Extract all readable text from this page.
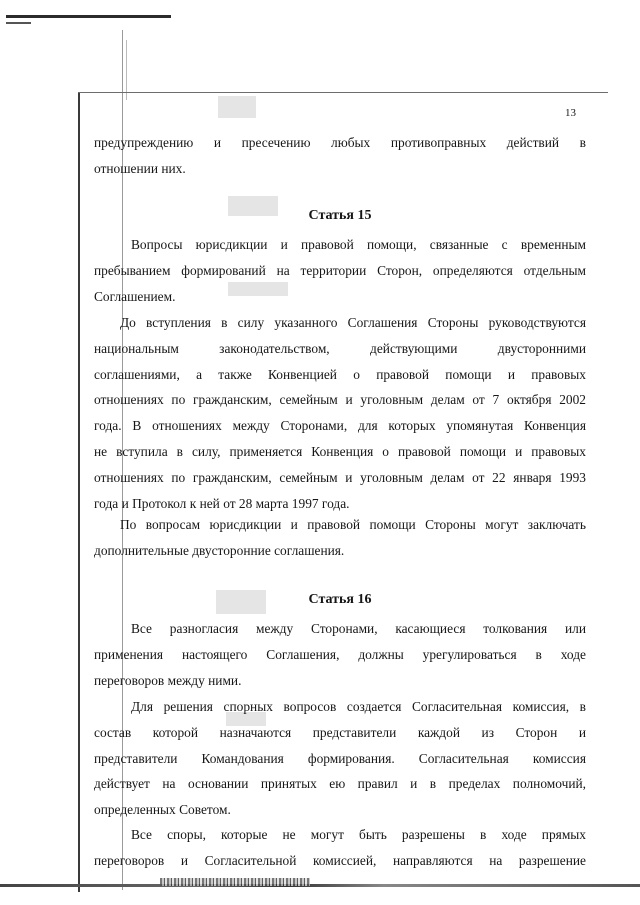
13
предупреждению и пресечению любых противоправных действий в
отношении них.
Статья 15
Вопросы юрисдикции и правовой помощи, связанные с временным
пребыванием формирований на территории Сторон, определяются отдельным
Соглашением.
До вступления в силу указанного Соглашения Стороны руководствуются
национальным законодательством, действующими двусторонними
соглашениями, а также Конвенцией о правовой помощи и правовых
отношениях по гражданским, семейным и уголовным делам от 7 октября 2002
года. В отношениях между Сторонами, для которых упомянутая Конвенция
не вступила в силу, применяется Конвенция о правовой помощи и правовых
отношениях по гражданским, семейным и уголовным делам от 22 января 1993
года и Протокол к ней от 28 марта 1997 года.
По вопросам юрисдикции и правовой помощи Стороны могут заключать
дополнительные двусторонние соглашения.
Статья 16
Все разногласия между Сторонами, касающиеся толкования или
применения настоящего Соглашения, должны урегулироваться в ходе
переговоров между ними.
Для решения спорных вопросов создается Согласительная комиссия, в
состав которой назначаются представители каждой из Сторон и
представители Командования формирования. Согласительная комиссия
действует на основании принятых ею правил и в пределах полномочий,
определенных Советом.
Все споры, которые не могут быть разрешены в ходе прямых
переговоров и Согласительной комиссией, направляются на разрешение
